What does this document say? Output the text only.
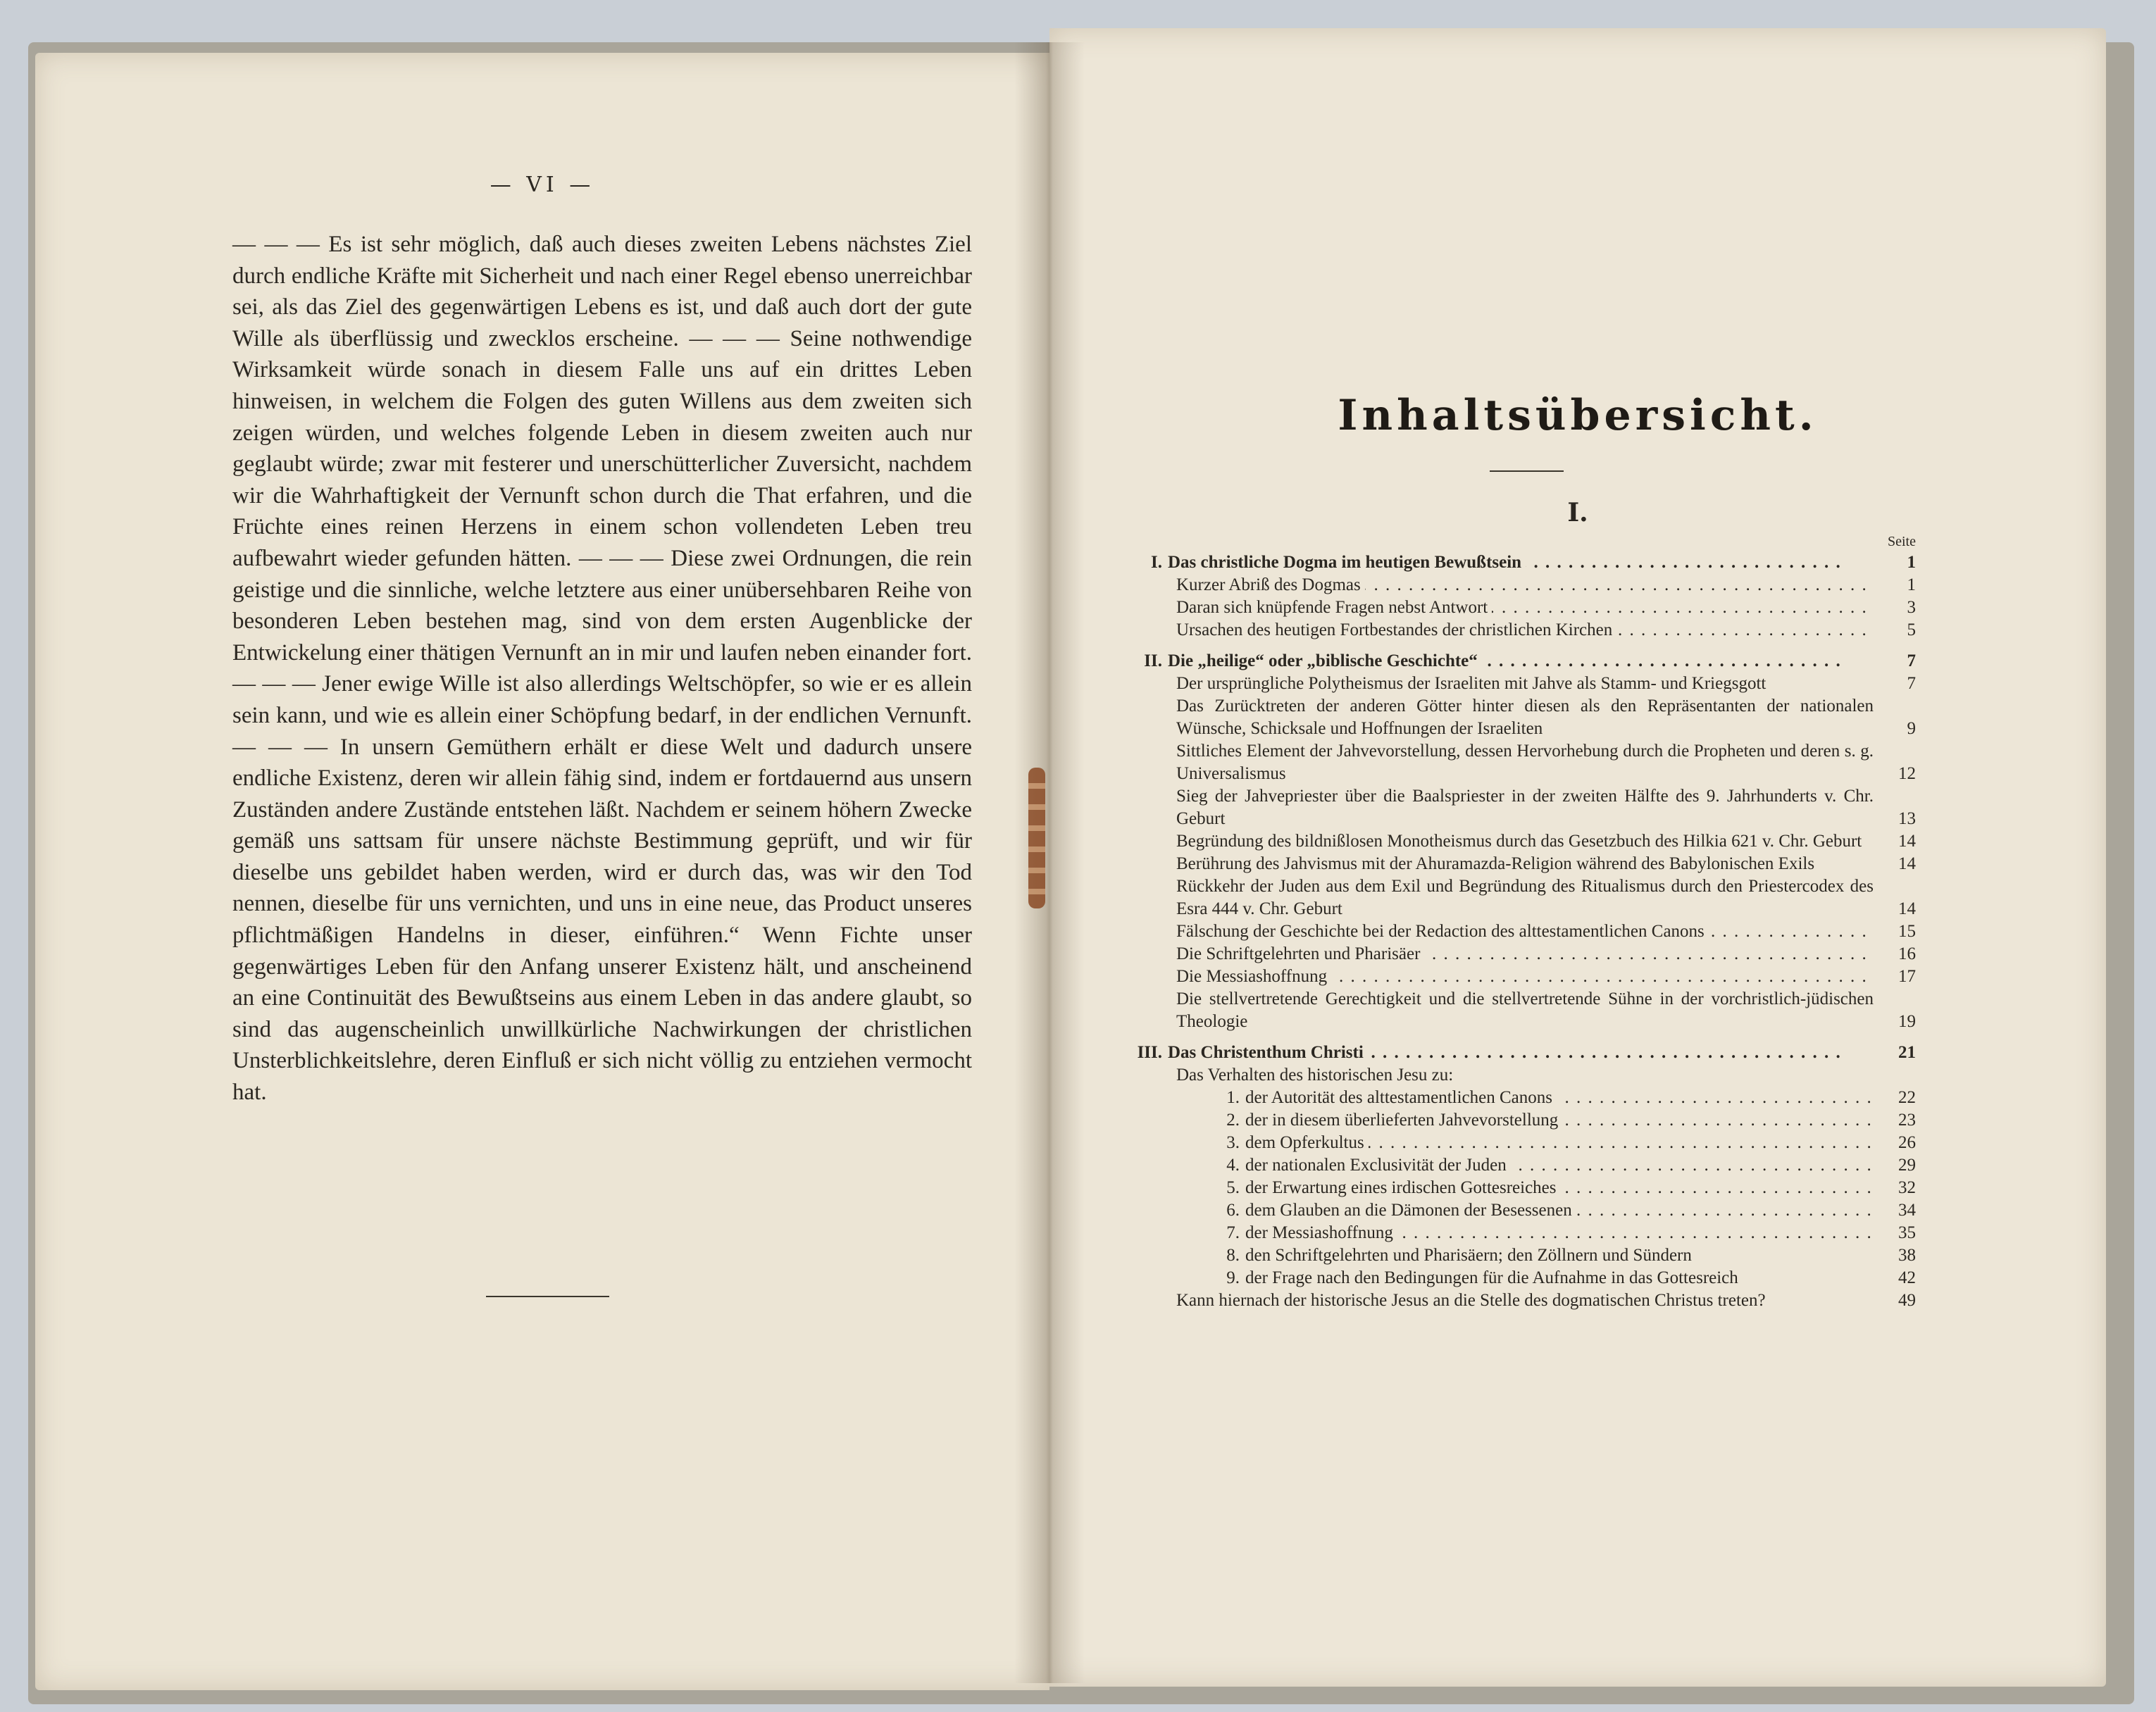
— VI —
— — — Es ist sehr möglich, daß auch dieses zweiten Lebens nächstes Ziel durch endliche Kräfte mit Sicherheit und nach einer Regel ebenso unerreichbar sei, als das Ziel des gegenwärtigen Lebens es ist, und daß auch dort der gute Wille als überflüssig und zwecklos erscheine. — — — Seine nothwendige Wirksamkeit würde sonach in diesem Falle uns auf ein drittes Leben hinweisen, in welchem die Folgen des guten Willens aus dem zweiten sich zeigen würden, und welches folgende Leben in diesem zweiten auch nur geglaubt würde; zwar mit festerer und unerschütterlicher Zuversicht, nachdem wir die Wahrhaftigkeit der Vernunft schon durch die That erfahren, und die Früchte eines reinen Herzens in einem schon vollendeten Leben treu aufbewahrt wieder gefunden hätten. — — — Diese zwei Ordnungen, die rein geistige und die sinnliche, welche letztere aus einer unübersehbaren Reihe von besonderen Leben bestehen mag, sind von dem ersten Augenblicke der Entwickelung einer thätigen Vernunft an in mir und laufen neben einander fort. — — — Jener ewige Wille ist also allerdings Weltschöpfer, so wie er es allein sein kann, und wie es allein einer Schöpfung bedarf, in der endlichen Vernunft. — — — In unsern Gemüthern erhält er diese Welt und dadurch unsere endliche Existenz, deren wir allein fähig sind, indem er fortdauernd aus unsern Zuständen andere Zustände entstehen läßt. Nachdem er seinem höhern Zwecke gemäß uns sattsam für unsere nächste Bestimmung geprüft, und wir für dieselbe uns gebildet haben werden, wird er durch das, was wir den Tod nennen, dieselbe für uns vernichten, und uns in eine neue, das Product unseres pflichtmäßigen Handelns in dieser, einführen.“ Wenn Fichte unser gegenwärtiges Leben für den Anfang unserer Existenz hält, und anscheinend an eine Continuität des Bewußtseins aus einem Leben in das andere glaubt, so sind das augenscheinlich unwillkürliche Nachwirkungen der christlichen Unsterblichkeitslehre, deren Einfluß er sich nicht völlig zu entziehen vermocht hat.
Inhaltsübersicht.
I.
Seite
I. Das christliche Dogma im heutigen Bewußtsein . . .	1
Kurzer Abriß des Dogmas . . .	1
Daran sich knüpfende Fragen nebst Antwort . . .	3
Ursachen des heutigen Fortbestandes der christlichen Kirchen . . .	5
II. Die „heilige“ oder „biblische Geschichte“ . . .	7
Der ursprüngliche Polytheismus der Israeliten mit Jahve als Stamm- und Kriegsgott	7
Das Zurücktreten der anderen Götter hinter diesen als den Repräsentanten der nationalen Wünsche, Schicksale und Hoffnungen der Israeliten	9
Sittliches Element der Jahvevorstellung, dessen Hervorhebung durch die Propheten und deren s. g. Universalismus	12
Sieg der Jahvepriester über die Baalspriester in der zweiten Hälfte des 9. Jahrhunderts v. Chr. Geburt	13
Begründung des bildnißlosen Monotheismus durch das Gesetzbuch des Hilkia 621 v. Chr. Geburt	14
Berührung des Jahvismus mit der Ahuramazda-Religion während des Babylonischen Exils	14
Rückkehr der Juden aus dem Exil und Begründung des Ritualismus durch den Priestercodex des Esra 444 v. Chr. Geburt	14
Fälschung der Geschichte bei der Redaction des alttestamentlichen Canons . . .	15
Die Schriftgelehrten und Pharisäer . . .	16
Die Messiashoffnung . . .	17
Die stellvertretende Gerechtigkeit und die stellvertretende Sühne in der vorchristlich-jüdischen Theologie	19
III. Das Christenthum Christi . . .	21
Das Verhalten des historischen Jesu zu:
1. der Autorität des alttestamentlichen Canons . . .	22
2. der in diesem überlieferten Jahvevorstellung . . .	23
3. dem Opferkultus . . .	26
4. der nationalen Exclusivität der Juden . . .	29
5. der Erwartung eines irdischen Gottesreiches . . .	32
6. dem Glauben an die Dämonen der Besessenen . . .	34
7. der Messiashoffnung . . .	35
8. den Schriftgelehrten und Pharisäern; den Zöllnern und Sündern	38
9. der Frage nach den Bedingungen für die Aufnahme in das Gottesreich	42
Kann hiernach der historische Jesus an die Stelle des dogmatischen Christus treten?	49
